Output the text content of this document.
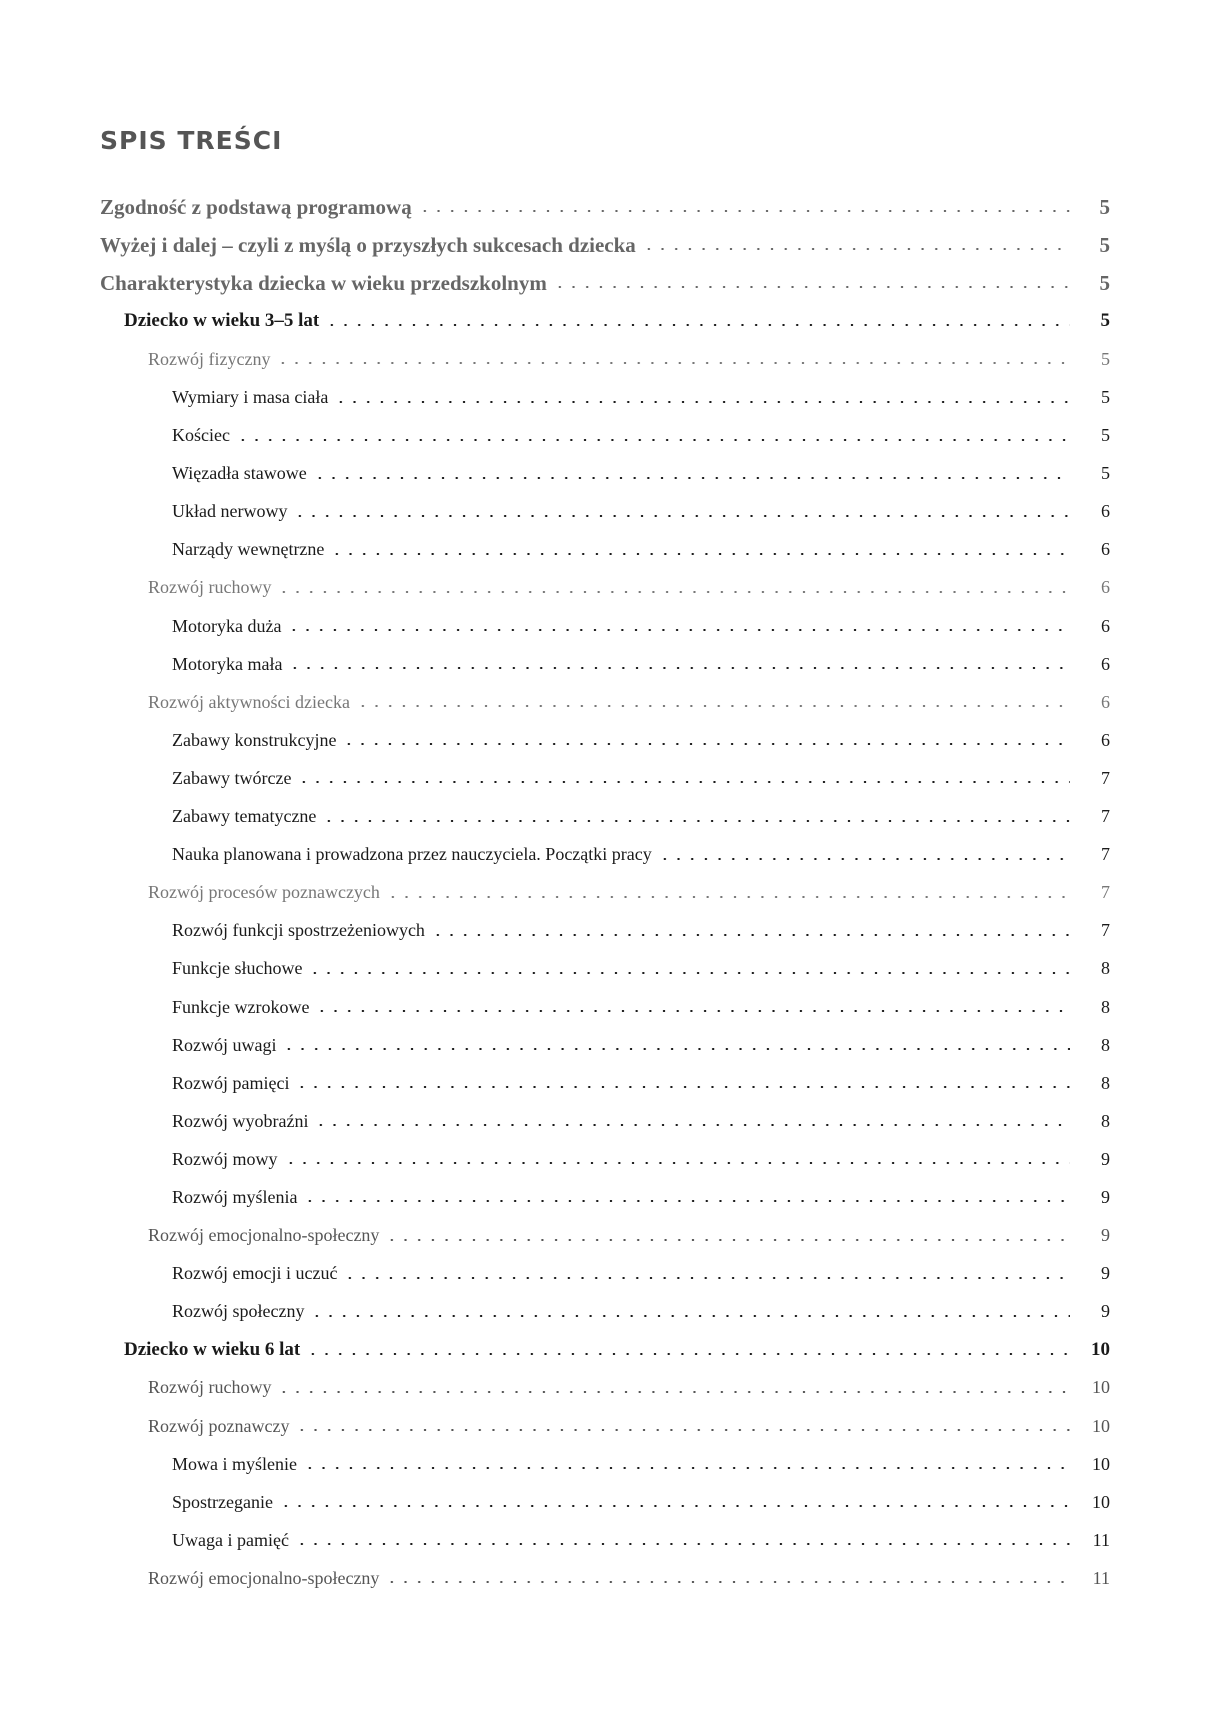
SPIS TREŚCI
Zgodność z podstawą programową	5
Wyżej i dalej – czyli z myślą o przyszłych sukcesach dziecka	5
Charakterystyka dziecka w wieku przedszkolnym	5
Dziecko w wieku 3–5 lat	5
Rozwój fizyczny	5
Wymiary i masa ciała	5
Kościec	5
Więzadła stawowe	5
Układ nerwowy	6
Narządy wewnętrzne	6
Rozwój ruchowy	6
Motoryka duża	6
Motoryka mała	6
Rozwój aktywności dziecka	6
Zabawy konstrukcyjne	6
Zabawy twórcze	7
Zabawy tematyczne	7
Nauka planowana i prowadzona przez nauczyciela. Początki pracy	7
Rozwój procesów poznawczych	7
Rozwój funkcji spostrzeżeniowych	7
Funkcje słuchowe	8
Funkcje wzrokowe	8
Rozwój uwagi	8
Rozwój pamięci	8
Rozwój wyobraźni	8
Rozwój mowy	9
Rozwój myślenia	9
Rozwój emocjonalno-społeczny	9
Rozwój emocji i uczuć	9
Rozwój społeczny	9
Dziecko w wieku 6 lat	10
Rozwój ruchowy	10
Rozwój poznawczy	10
Mowa i myślenie	10
Spostrzeganie	10
Uwaga i pamięć	11
Rozwój emocjonalno-społeczny	11
